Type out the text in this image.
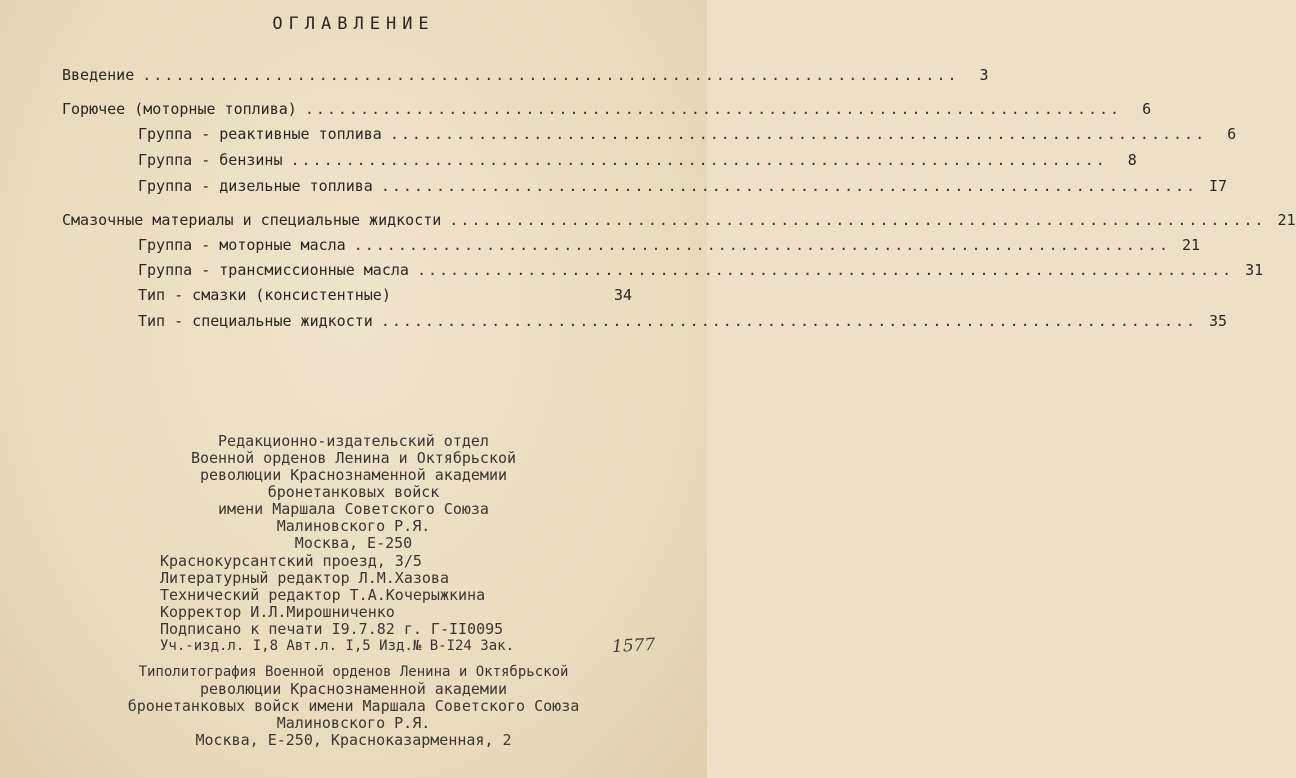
ОГЛАВЛЕНИЕ
Введение ..........................................................................	3
Горючее (моторные топлива) ..........................................................................	6
Группа - реактивные топлива ..........................................................................	6
Группа - бензины ..........................................................................	8
Группа - дизельные топлива .......................................................................... I7
Смазочные материалы и специальные жидкости .......................................................................... 21
Группа - моторные масла .......................................................................... 21
Группа - трансмиссионные масла .......................................................................... 31
Тип - смазки (консистентные)	34
Тип - специальные жидкости .......................................................................... 35
Редакционно-издательский отдел
Военной орденов Ленина и Октябрьской
революции Краснознаменной академии
бронетанковых войск
имени Маршала Советского Союза
Малиновского Р.Я.
Москва, Е-250
Краснокурсантский проезд, 3/5
Литературный редактор Л.М.Хазова
Технический редактор Т.А.Кочерыжкина
Корректор И.Л.Мирошниченко
Подписано к печати I9.7.82 г. Г-II0095
Уч.-изд.л. I,8 Авт.л. I,5 Изд.№ В-I24 Зак.	1577
Типолитография Военной орденов Ленина и Октябрьской
революции Краснознаменной академии
бронетанковых войск имени Маршала Советского Союза
Малиновского Р.Я.
Москва, Е-250, Красноказарменная, 2
